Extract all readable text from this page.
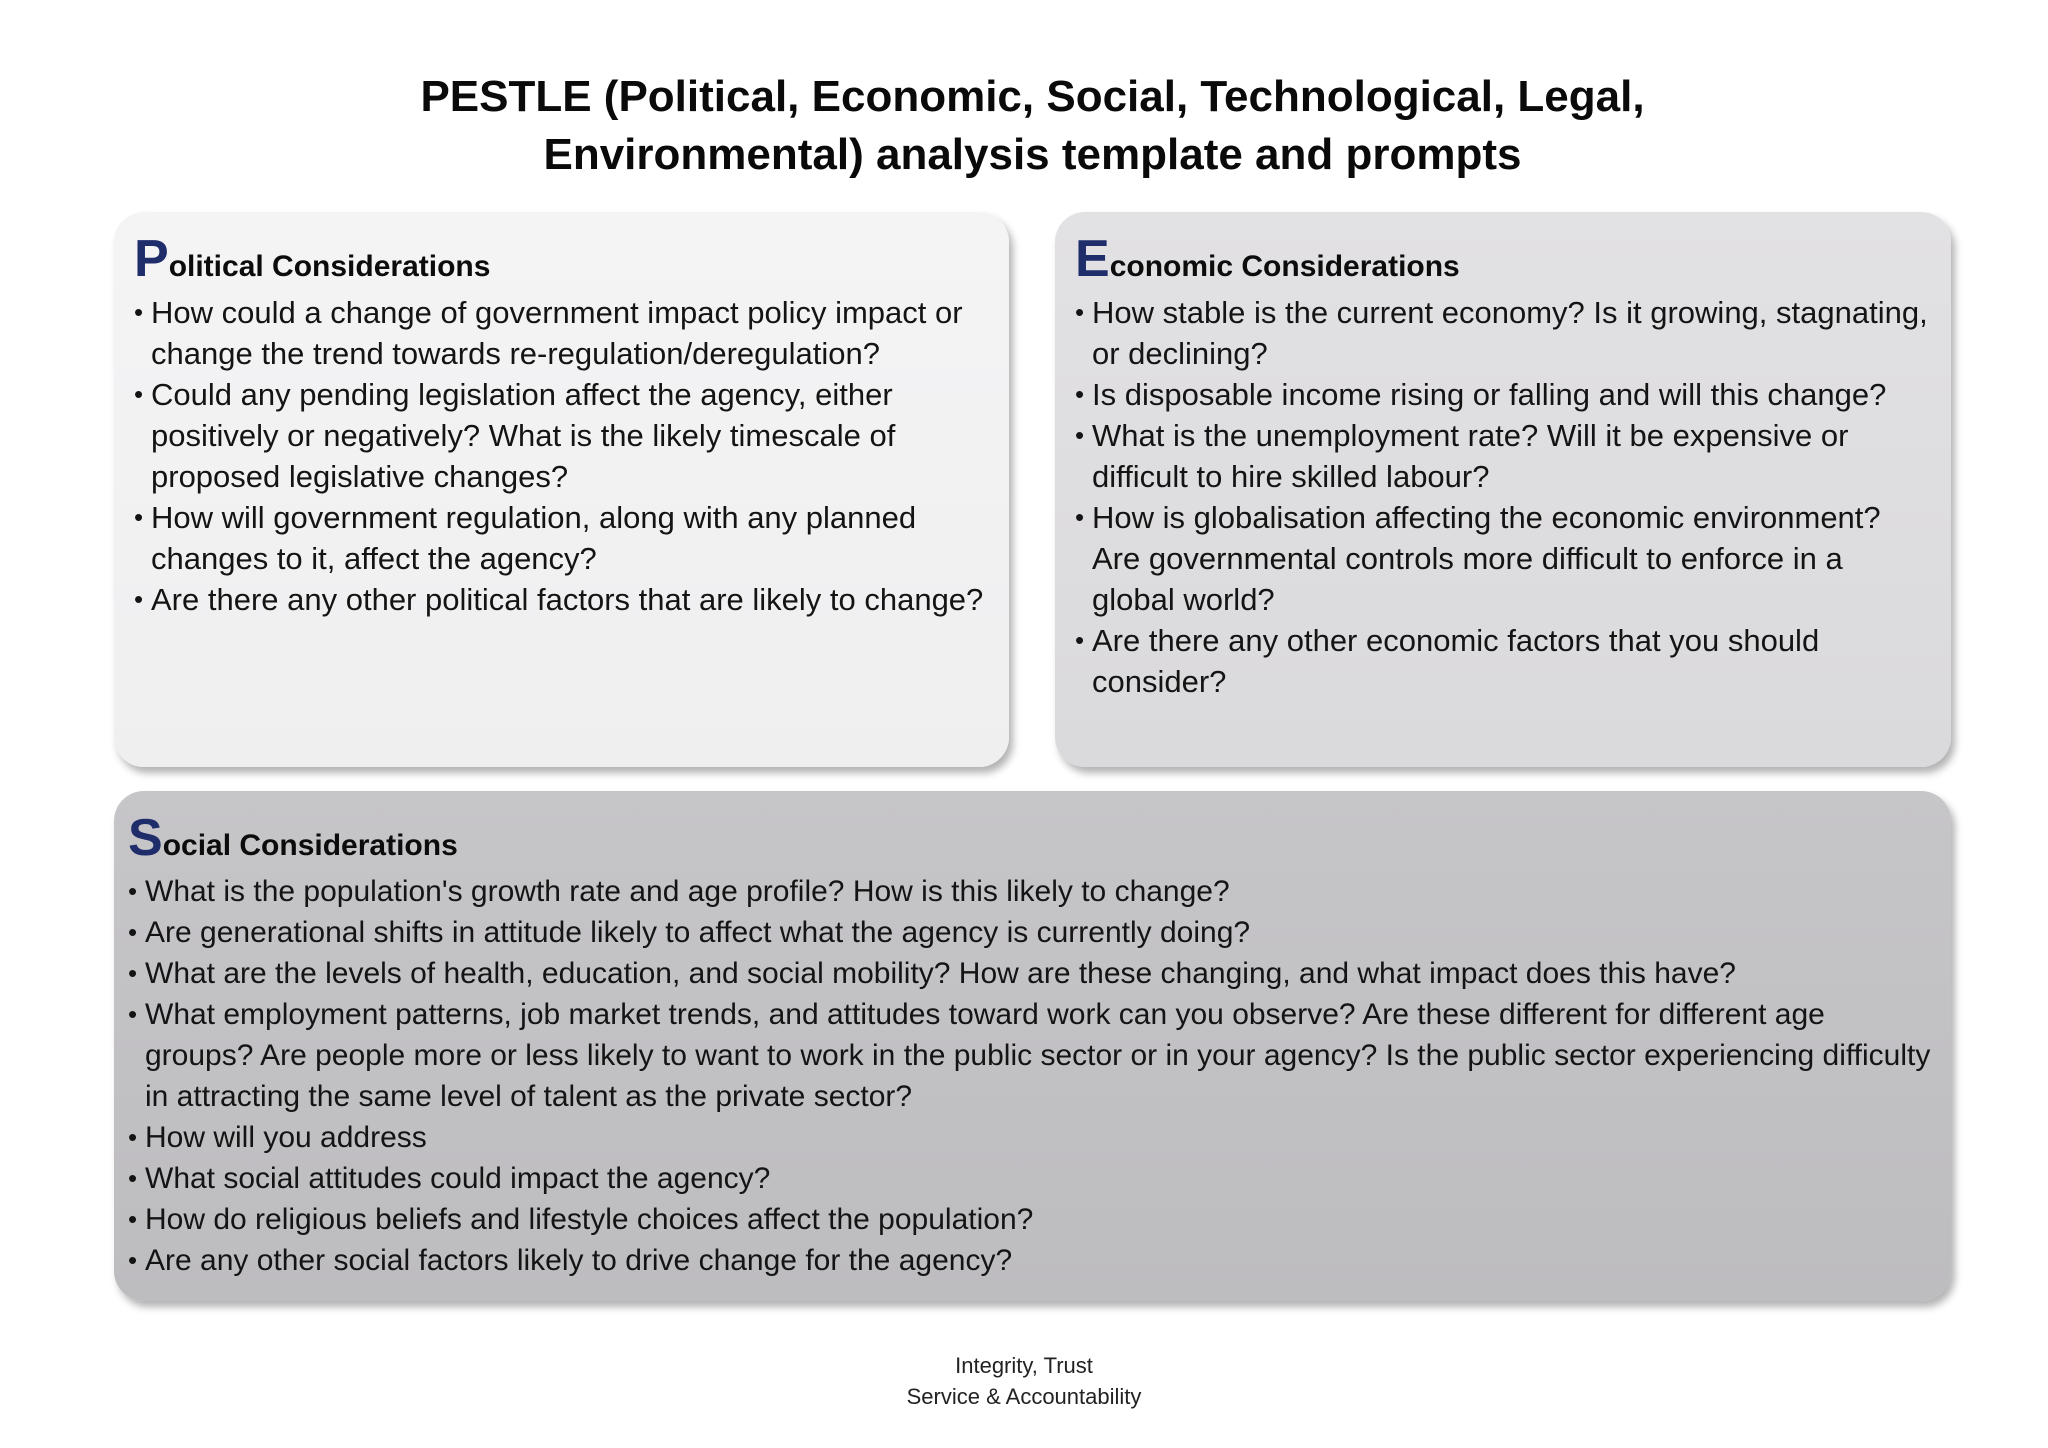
PESTLE (Political, Economic, Social, Technological, Legal,
Environmental) analysis template and prompts
Political Considerations
• How could a change of government impact policy impact or change the trend towards re-regulation/deregulation?
• Could any pending legislation affect the agency, either positively or negatively? What is the likely timescale of proposed legislative changes?
• How will government regulation, along with any planned changes to it, affect the agency?
• Are there any other political factors that are likely to change?
Economic Considerations
• How stable is the current economy? Is it growing, stagnating, or declining?
• Is disposable income rising or falling and will this change?
• What is the unemployment rate? Will it be expensive or difficult to hire skilled labour?
• How is globalisation affecting the economic environment? Are governmental controls more difficult to enforce in a global world?
• Are there any other economic factors that you should consider?
Social Considerations
• What is the population's growth rate and age profile? How is this likely to change?
• Are generational shifts in attitude likely to affect what the agency is currently doing?
• What are the levels of health, education, and social mobility? How are these changing, and what impact does this have?
• What employment patterns, job market trends, and attitudes toward work can you observe? Are these different for different age groups? Are people more or less likely to want to work in the public sector or in your agency? Is the public sector experiencing difficulty in attracting the same level of talent as the private sector?
• How will you address
• What social attitudes could impact the agency?
• How do religious beliefs and lifestyle choices affect the population?
• Are any other social factors likely to drive change for the agency?
Integrity, Trust
Service & Accountability
